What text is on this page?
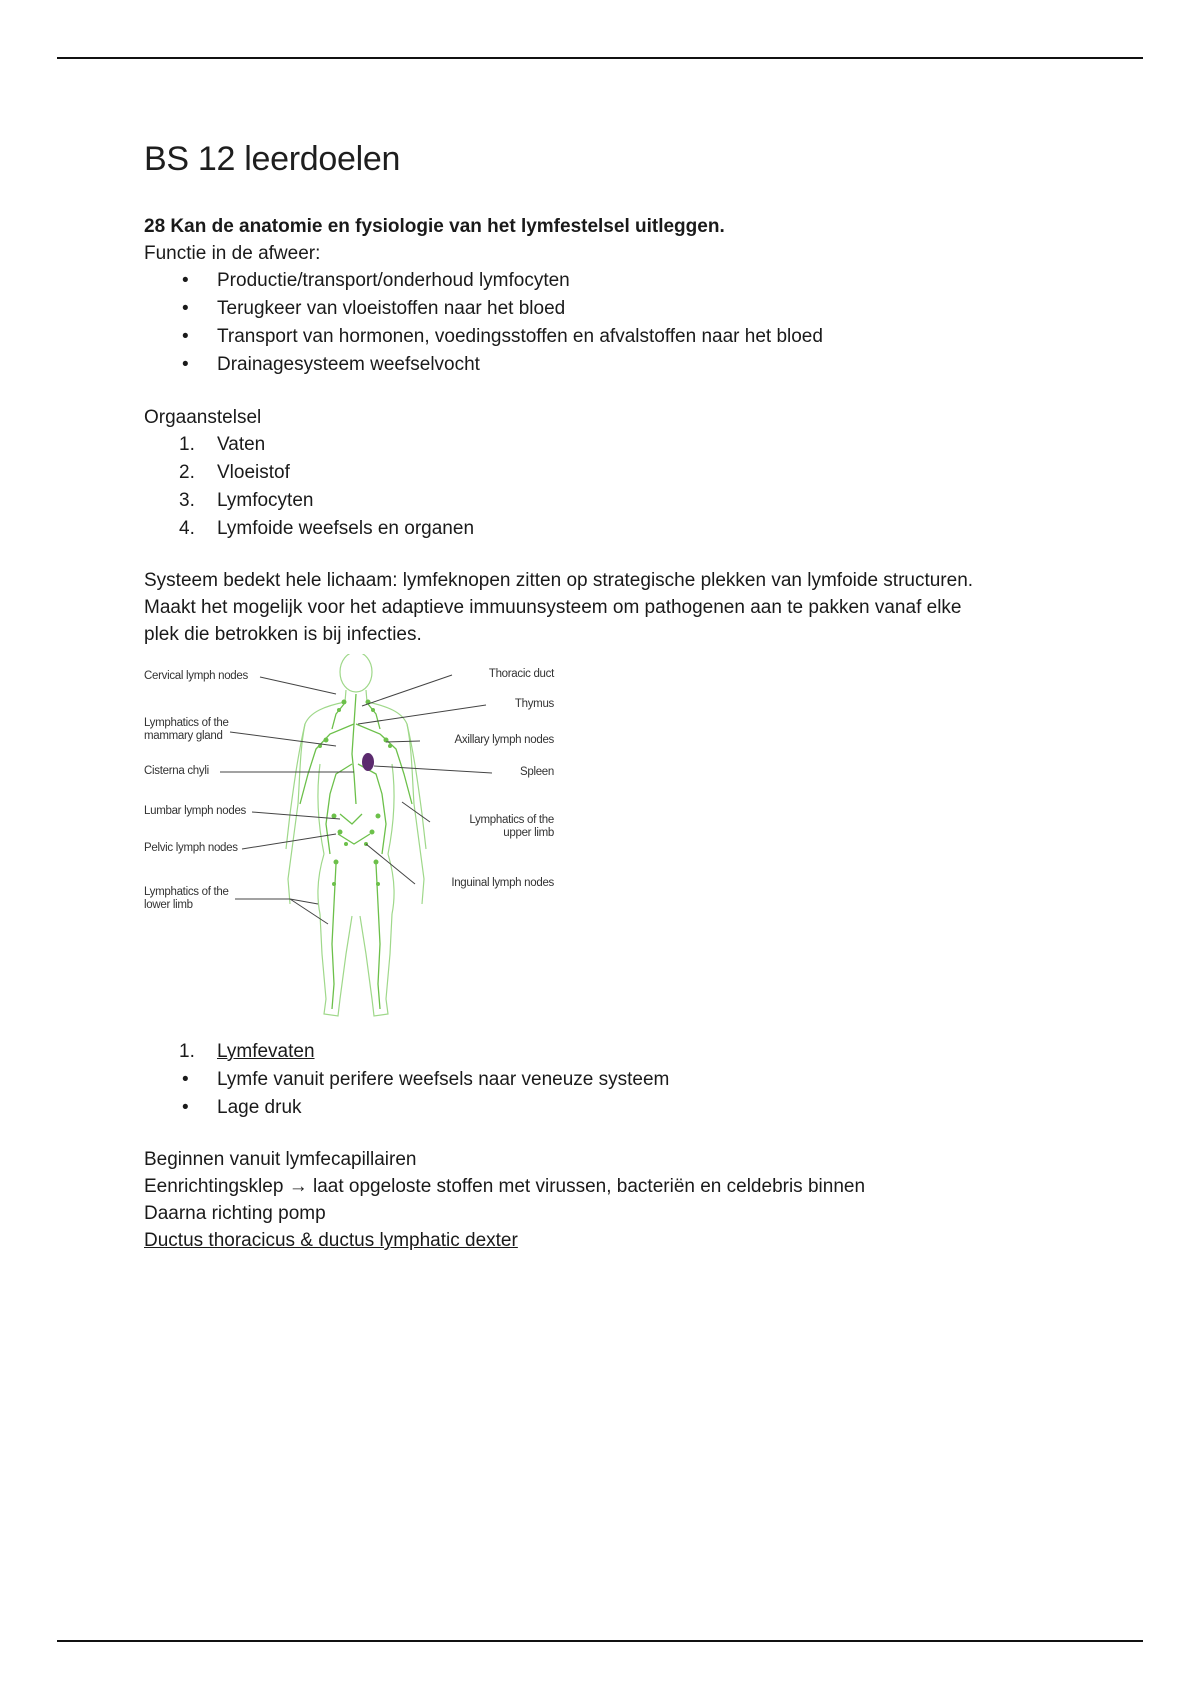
BS 12 leerdoelen

28 Kan de anatomie en fysiologie van het lymfestelsel uitleggen.

Functie in de afweer:

• Productie/transport/onderhoud lymfocyten
• Terugkeer van vloeistoffen naar het bloed
• Transport van hormonen, voedingsstoffen en afvalstoffen naar het bloed
• Drainagesysteem weefselvocht

Orgaanstelsel

1. Vaten
2. Vloeistof
3. Lymfocyten
4. Lymfoide weefsels en organen

Systeem bedekt hele lichaam: lymfeknopen zitten op strategische plekken van lymfoide structuren.

Maakt het mogelijk voor het adaptieve immuunsysteem om pathogenen aan te pakken vanaf elke

plek die betrokken is bij infecties.

Cervical lymph nodes
Lymphatics of the
mammary gland
Cisterna chyli
Lumbar lymph nodes
Pelvic lymph nodes
Lymphatics of the
lower limb
Thoracic duct
Thymus
Axillary lymph nodes
Spleen
Lymphatics of the
upper limb
Inguinal lymph nodes
1. Lymfevaten
• Lymfe vanuit perifere weefsels naar veneuze systeem
• Lage druk

Beginnen vanuit lymfecapillairen

Eenrichtingsklep → laat opgeloste stoffen met virussen, bacteriën en celdebris binnen

Daarna richting pomp

Ductus thoracicus & ductus lymphatic dexter
